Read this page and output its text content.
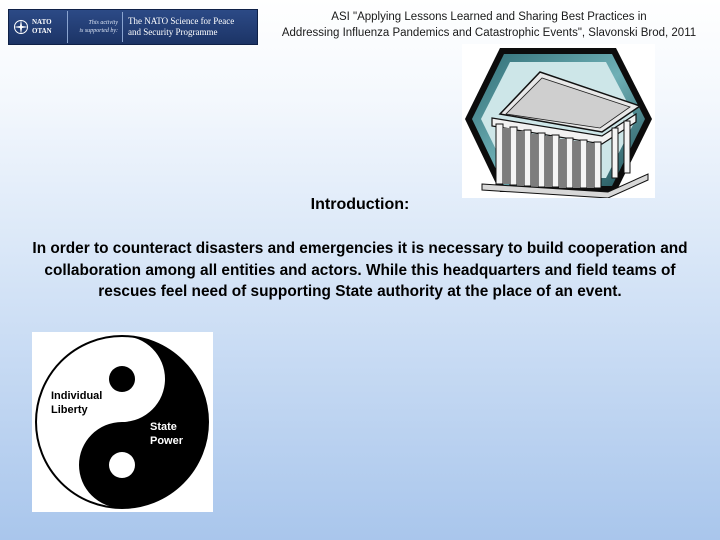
NATO
OTAN
This activity
is supported by:
The NATO Science for Peace
and Security Programme
ASI "Applying Lessons Learned and Sharing Best Practices in
Addressing Influenza Pandemics and Catastrophic Events", Slavonski Brod, 2011
Introduction:
In order to counteract disasters and emergencies it is necessary to build cooperation and collaboration among all entities and actors. While this headquarters and field teams of rescues feel need of supporting State authority at the place of an event.
Individual
Liberty
State
Power
